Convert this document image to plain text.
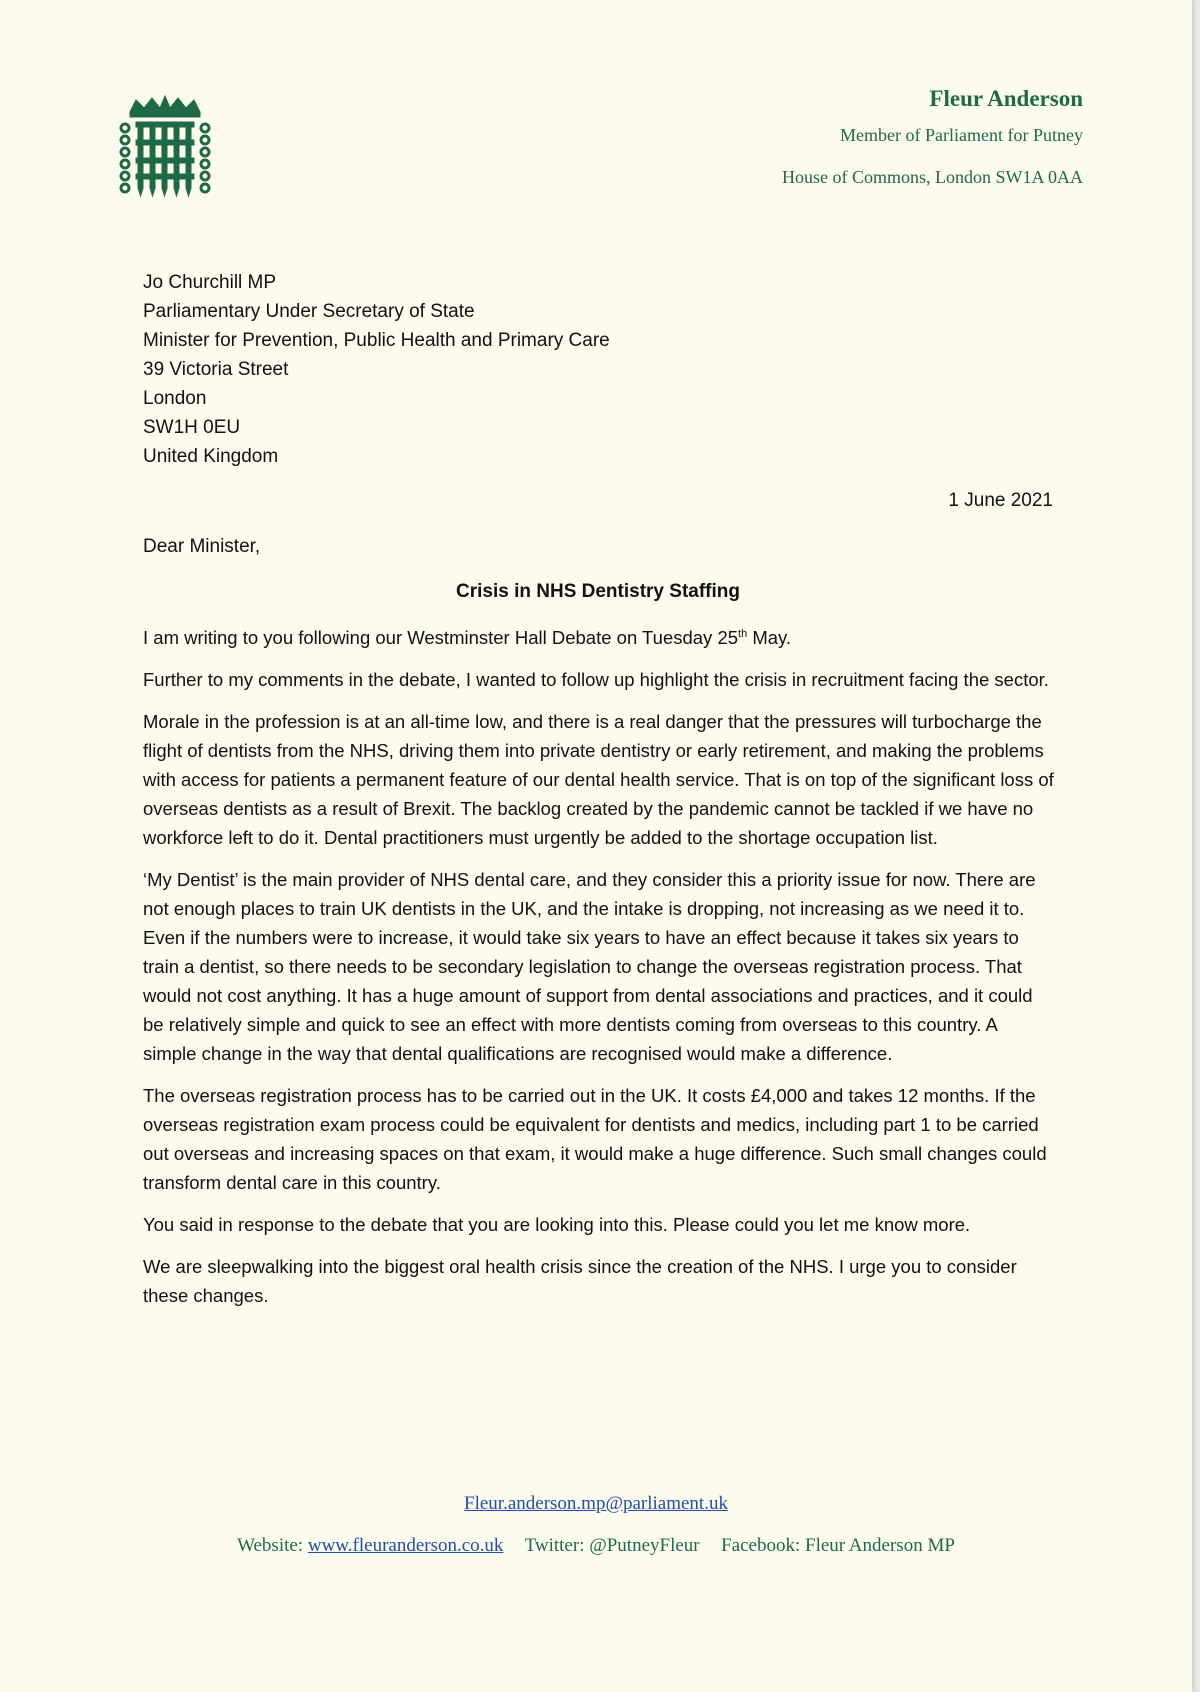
Fleur Anderson
Member of Parliament for Putney
House of Commons, London SW1A 0AA
Jo Churchill MP
Parliamentary Under Secretary of State
Minister for Prevention, Public Health and Primary Care
39 Victoria Street
London
SW1H 0EU
United Kingdom
1 June 2021
Dear Minister,
Crisis in NHS Dentistry Staffing

I am writing to you following our Westminster Hall Debate on Tuesday 25th May.

Further to my comments in the debate, I wanted to follow up highlight the crisis in recruitment facing the sector.

Morale in the profession is at an all-time low, and there is a real danger that the pressures will turbocharge the flight of dentists from the NHS, driving them into private dentistry or early retirement, and making the problems with access for patients a permanent feature of our dental health service. That is on top of the significant loss of overseas dentists as a result of Brexit. The backlog created by the pandemic cannot be tackled if we have no workforce left to do it. Dental practitioners must urgently be added to the shortage occupation list.

‘My Dentist’ is the main provider of NHS dental care, and they consider this a priority issue for now. There are not enough places to train UK dentists in the UK, and the intake is dropping, not increasing as we need it to. Even if the numbers were to increase, it would take six years to have an effect because it takes six years to train a dentist, so there needs to be secondary legislation to change the overseas registration process. That would not cost anything. It has a huge amount of support from dental associations and practices, and it could be relatively simple and quick to see an effect with more dentists coming from overseas to this country. A simple change in the way that dental qualifications are recognised would make a difference.

The overseas registration process has to be carried out in the UK. It costs £4,000 and takes 12 months. If the overseas registration exam process could be equivalent for dentists and medics, including part 1 to be carried out overseas and increasing spaces on that exam, it would make a huge difference. Such small changes could transform dental care in this country.

You said in response to the debate that you are looking into this. Please could you let me know more.

We are sleepwalking into the biggest oral health crisis since the creation of the NHS. I urge you to consider these changes.

Fleur.anderson.mp@parliament.uk
Website: www.fleuranderson.co.uk Twitter: @PutneyFleur Facebook: Fleur Anderson MP
